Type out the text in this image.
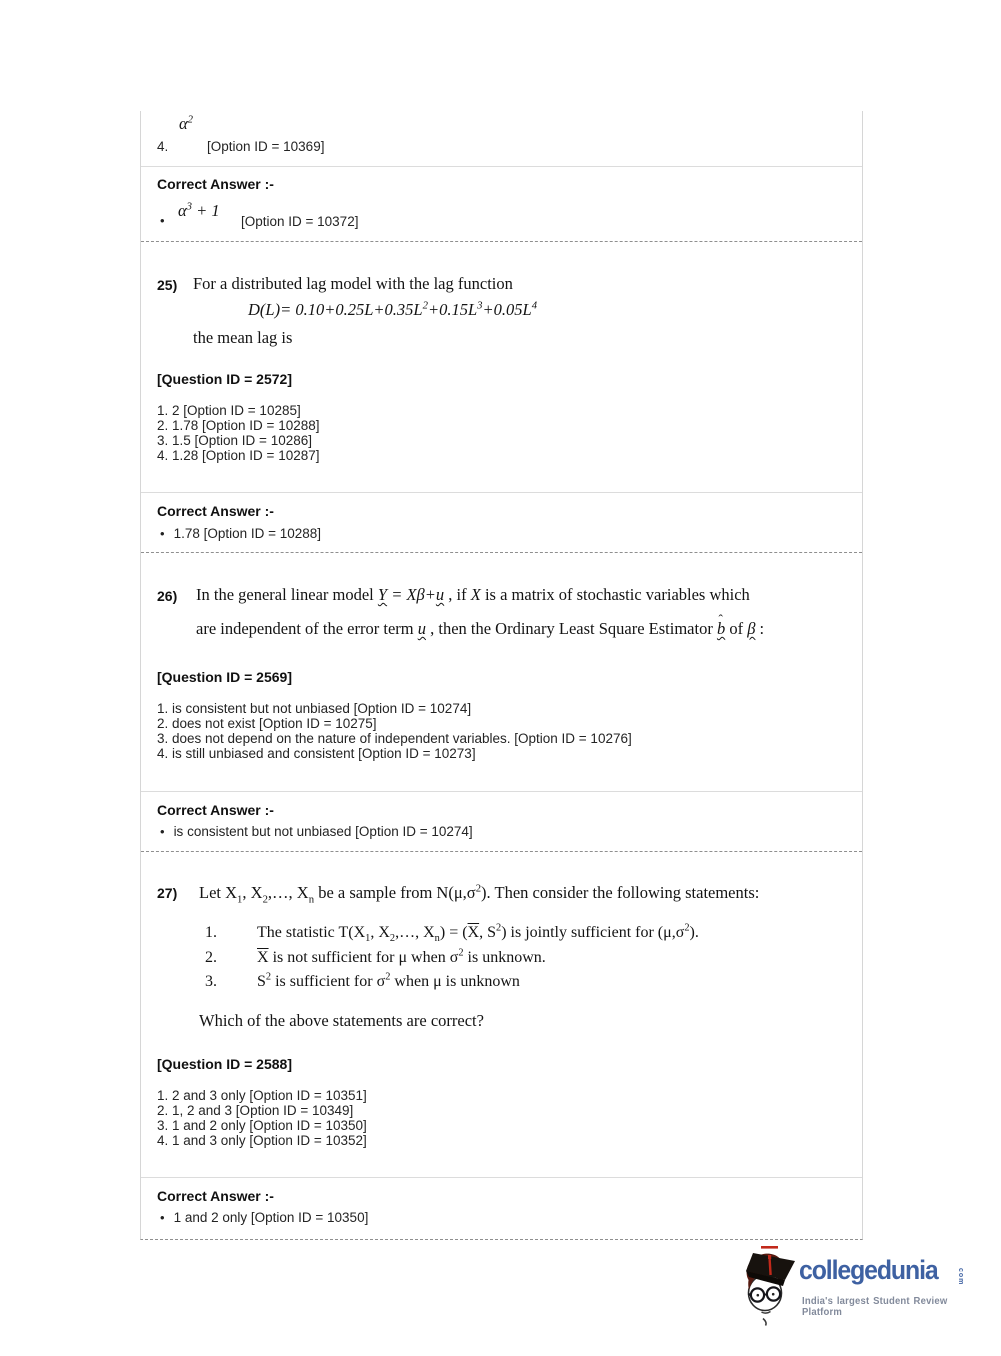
4.
$\alpha^2$
[Option ID = 10369]
Correct Answer :-
•
$\alpha^3 + 1$
[Option ID = 10372]
25) For a distributed lag model with the lag function
$D(L)= 0.10+0.25L+0.35L^2+0.15L^3+0.05L^4$
the mean lag is
[Question ID = 2572]
1. 2 [Option ID = 10285]
2. 1.78 [Option ID = 10288]
3. 1.5 [Option ID = 10286]
4. 1.28 [Option ID = 10287]
Correct Answer :-
• 1.78 [Option ID = 10288]
26) In the general linear model Y = Xβ+u , if X is a matrix of stochastic variables which
are independent of the error term u , then the Ordinary Least Square Estimator b ˆ of β :
[Question ID = 2569]
1. is consistent but not unbiased [Option ID = 10274]
2. does not exist [Option ID = 10275]
3. does not depend on the nature of independent variables. [Option ID = 10276]
4. is still unbiased and consistent [Option ID = 10273]
Correct Answer :-
• is consistent but not unbiased [Option ID = 10274]
27) Let $X_1$, $X_2,\dots$, $X_n$ be a sample from $N(\mu,\sigma^2)$. Then consider the following statements:
1.	The statistic $T(X_1$, $X_2,\dots$, $X_n) = (\overline{X}$, $S^2$) is jointly sufficient for $(\mu,\sigma^2)$.
2.	$\overline{X}$ is not sufficient for μ when $\sigma^2$ is unknown.
3.	$S^2$ is sufficient for $\sigma^2$ when μ is unknown
Which of the above statements are correct?
[Question ID = 2588]
1. 2 and 3 only [Option ID = 10351]
2. 1, 2 and 3 [Option ID = 10349]
3. 1 and 2 only [Option ID = 10350]
4. 1 and 3 only [Option ID = 10352]
Correct Answer :-
• 1 and 2 only [Option ID = 10350]
collegedunia	com
India's largest Student Review Platform
